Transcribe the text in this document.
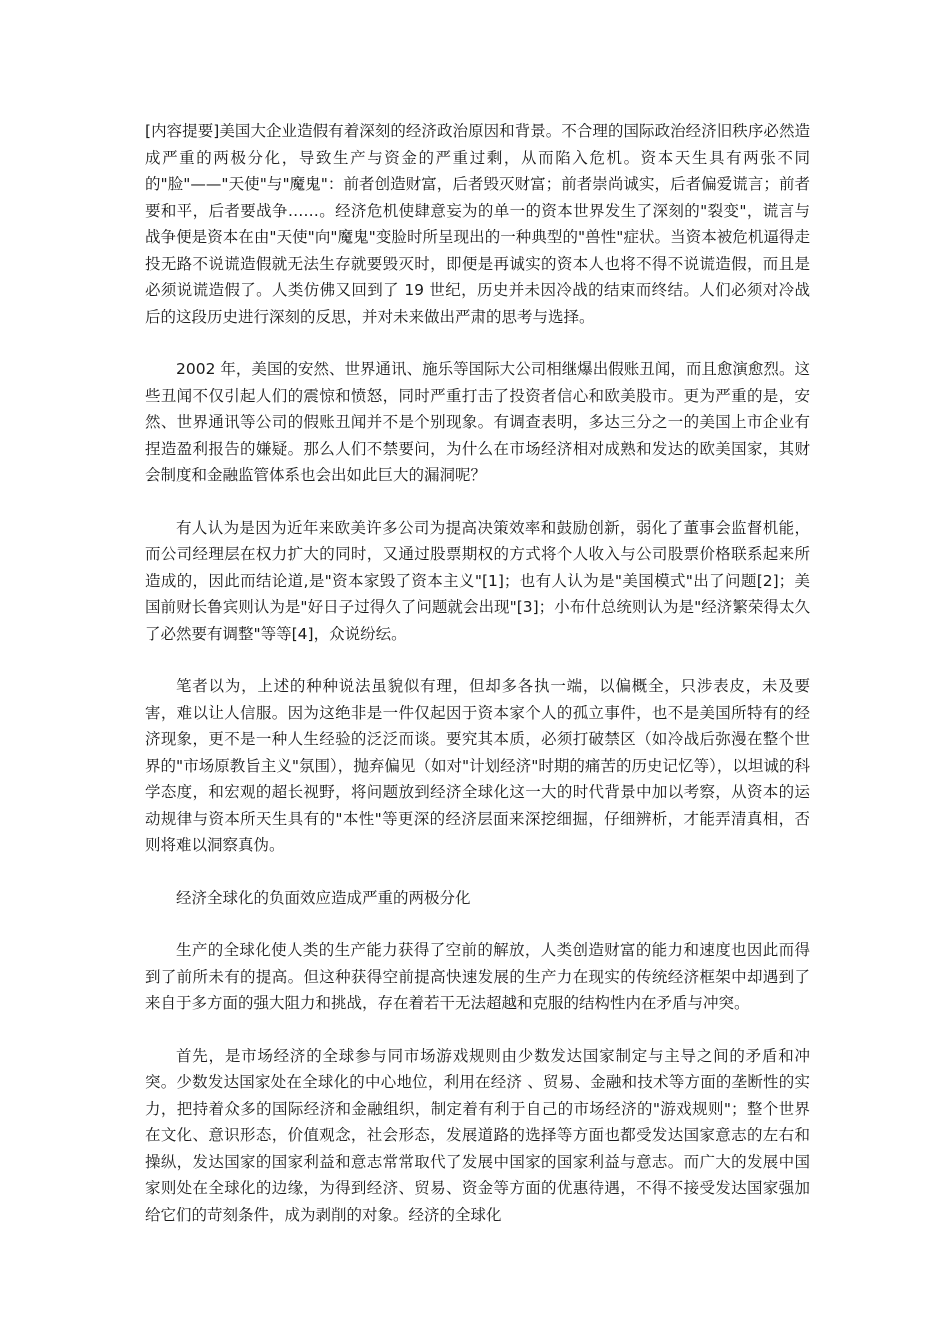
[内容提要]美国大企业造假有着深刻的经济政治原因和背景。不合理的国际政治经济旧秩序必然造成严重的两极分化，导致生产与资金的严重过剩，从而陷入危机。资本天生具有两张不同的"脸"——"天使"与"魔鬼"：前者创造财富，后者毁灭财富；前者崇尚诚实，后者偏爱谎言；前者要和平，后者要战争……。经济危机使肆意妄为的单一的资本世界发生了深刻的"裂变"，谎言与战争便是资本在由"天使"向"魔鬼"变脸时所呈现出的一种典型的"兽性"症状。当资本被危机逼得走投无路不说谎造假就无法生存就要毁灭时，即便是再诚实的资本人也将不得不说谎造假，而且是必须说谎造假了。人类仿佛又回到了 19 世纪，历史并未因冷战的结束而终结。人们必须对冷战后的这段历史进行深刻的反思，并对未来做出严肃的思考与选择。

2002 年，美国的安然、世界通讯、施乐等国际大公司相继爆出假账丑闻，而且愈演愈烈。这些丑闻不仅引起人们的震惊和愤怒，同时严重打击了投资者信心和欧美股市。更为严重的是，安然、世界通讯等公司的假账丑闻并不是个别现象。有调查表明，多达三分之一的美国上市企业有捏造盈利报告的嫌疑。那么人们不禁要问，为什么在市场经济相对成熟和发达的欧美国家，其财会制度和金融监管体系也会出如此巨大的漏洞呢？

有人认为是因为近年来欧美许多公司为提高决策效率和鼓励创新，弱化了董事会监督机能，而公司经理层在权力扩大的同时，又通过股票期权的方式将个人收入与公司股票价格联系起来所造成的，因此而结论道,是"资本家毁了资本主义"[1]；也有人认为是"美国模式"出了问题[2]；美国前财长鲁宾则认为是"好日子过得久了问题就会出现"[3]；小布什总统则认为是"经济繁荣得太久了必然要有调整"等等[4]，众说纷纭。

笔者以为，上述的种种说法虽貌似有理，但却多各执一端，以偏概全，只涉表皮，未及要害，难以让人信服。因为这绝非是一件仅起因于资本家个人的孤立事件，也不是美国所特有的经济现象，更不是一种人生经验的泛泛而谈。要究其本质，必须打破禁区（如冷战后弥漫在整个世界的"市场原教旨主义"氛围），抛弃偏见（如对"计划经济"时期的痛苦的历史记忆等），以坦诚的科学态度，和宏观的超长视野，将问题放到经济全球化这一大的时代背景中加以考察，从资本的运动规律与资本所天生具有的"本性"等更深的经济层面来深挖细掘，仔细辨析，才能弄清真相，否则将难以洞察真伪。

经济全球化的负面效应造成严重的两极分化

生产的全球化使人类的生产能力获得了空前的解放，人类创造财富的能力和速度也因此而得到了前所未有的提高。但这种获得空前提高快速发展的生产力在现实的传统经济框架中却遇到了来自于多方面的强大阻力和挑战，存在着若干无法超越和克服的结构性内在矛盾与冲突。

首先，是市场经济的全球参与同市场游戏规则由少数发达国家制定与主导之间的矛盾和冲突。少数发达国家处在全球化的中心地位，利用在经济 、贸易、金融和技术等方面的垄断性的实力，把持着众多的国际经济和金融组织，制定着有利于自己的市场经济的"游戏规则"；整个世界在文化、意识形态，价值观念，社会形态，发展道路的选择等方面也都受发达国家意志的左右和操纵，发达国家的国家利益和意志常常取代了发展中国家的国家利益与意志。而广大的发展中国家则处在全球化的边缘，为得到经济、贸易、资金等方面的优惠待遇，不得不接受发达国家强加给它们的苛刻条件，成为剥削的对象。经济的全球化
